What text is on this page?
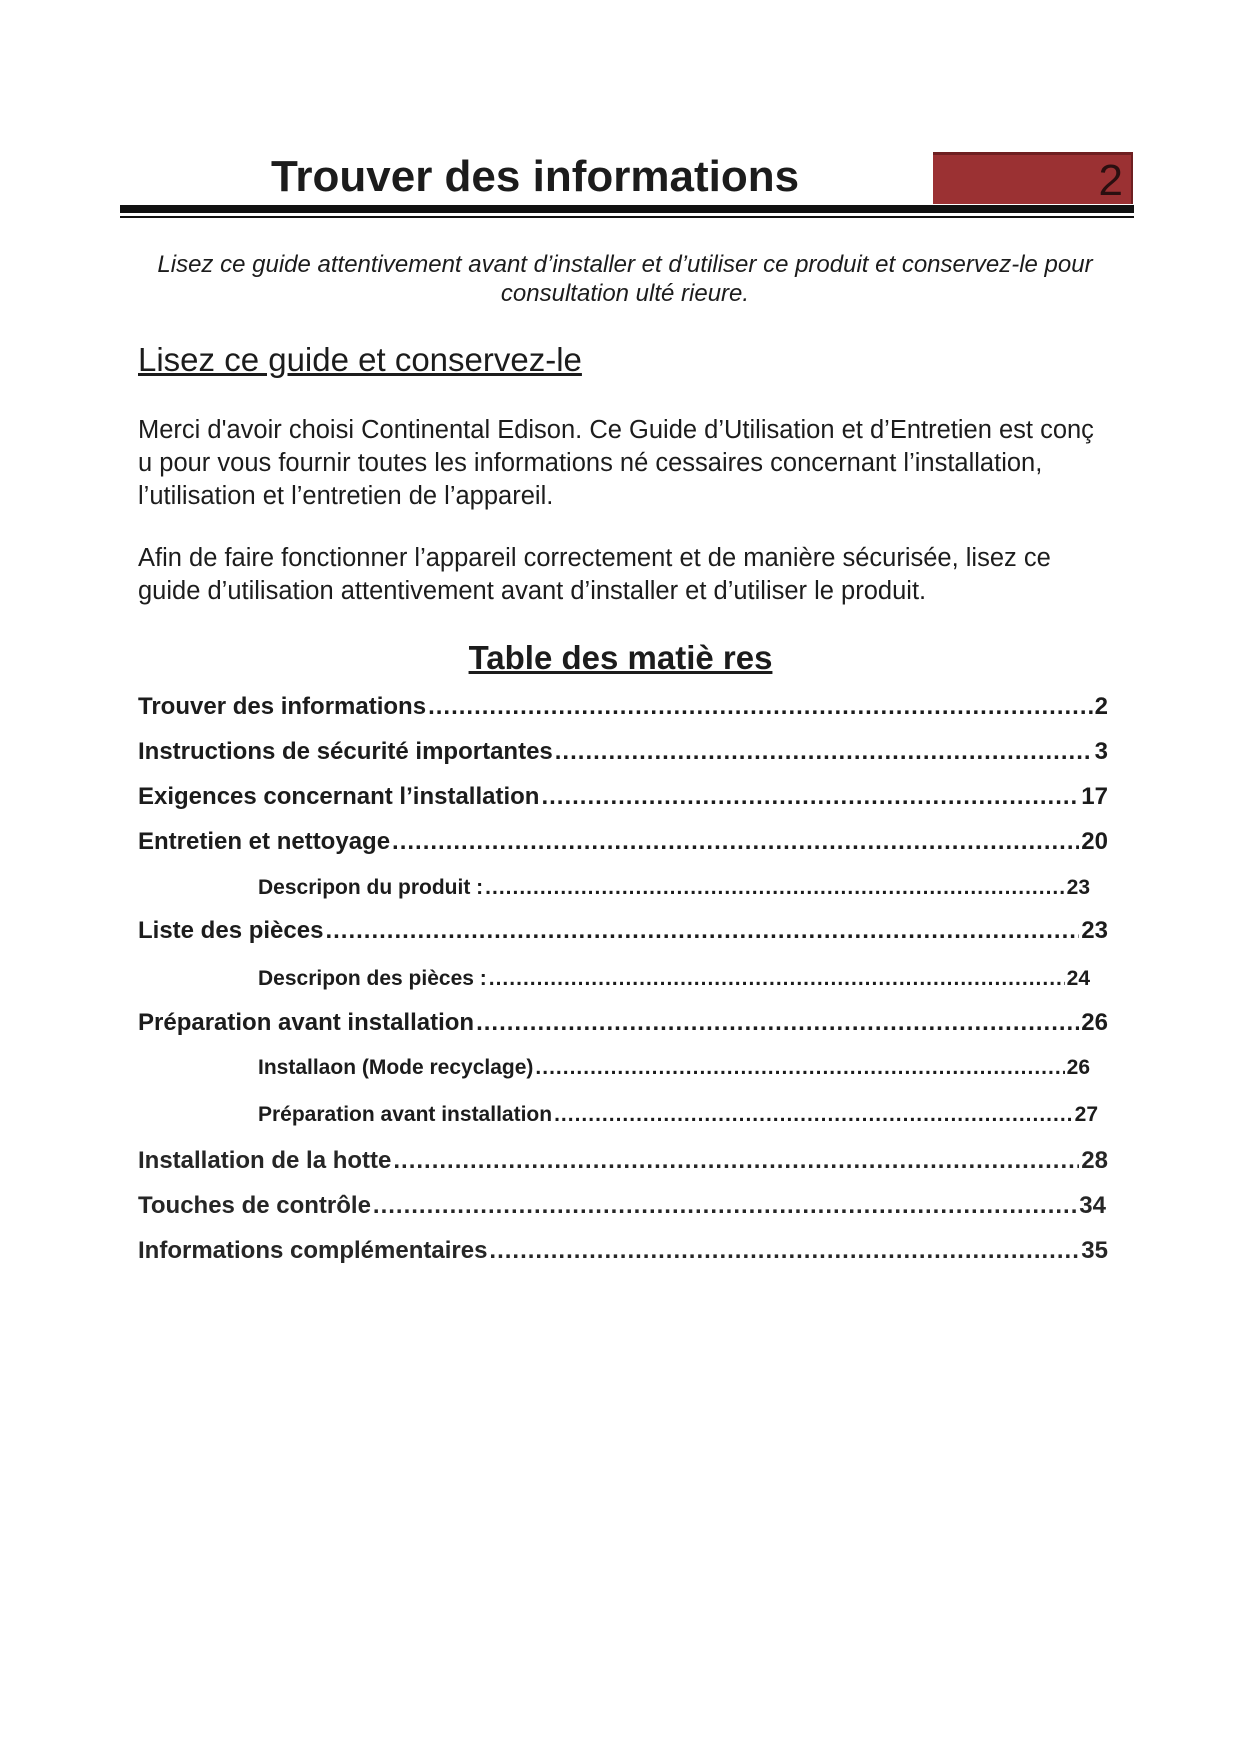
Trouver des informations	2

Lisez ce guide attentivement avant d’installer et d’utiliser ce produit et conservez-le pour consultation ulté rieure.

Lisez ce guide et conservez-le

Merci d'avoir choisi Continental Edison. Ce Guide d’Utilisation et d’Entretien est conç u pour vous fournir toutes les informations né cessaires concernant l’installation, l’utilisation et l’entretien de l’appareil.

Afin de faire fonctionner l’appareil correctement et de manière sécurisée, lisez ce guide d’utilisation attentivement avant d’installer et d’utiliser le produit.

Table des matiè res
Trouver des informations .....	2
Instructions de sécurité importantes .....	3
Exigences concernant l’installation .....	17
Entretien et nettoyage .....	20
Descripon du produit : .....	23
Liste des pièces .....	23
Descripon des pièces : .....	24
Préparation avant installation .....	26
Installaon (Mode recyclage) .....	26
Préparation avant installation .....	27
Installation de la hotte .....	28
Touches de contrôle .....	34
Informations complémentaires .....	35
